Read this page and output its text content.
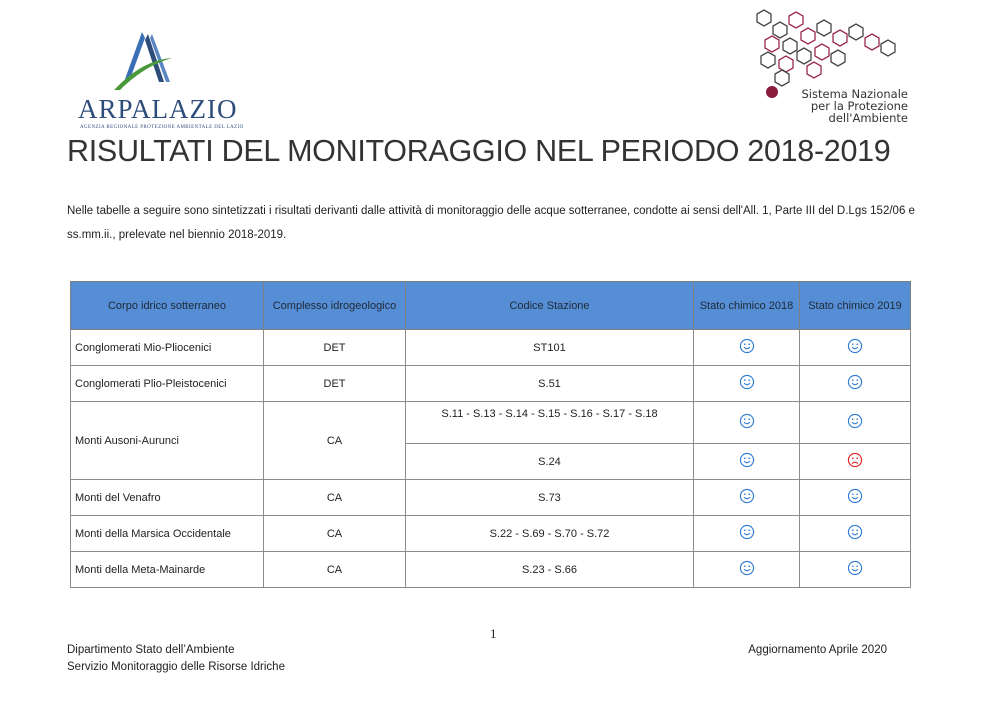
ARPALAZIO
AGENZIA REGIONALE PROTEZIONE AMBIENTALE DEL LAZIO
Sistema Nazionale
per la Protezione
dell'Ambiente
RISULTATI DEL MONITORAGGIO NEL PERIODO 2018-2019

Nelle tabelle a seguire sono sintetizzati i risultati derivanti dalle attività di monitoraggio delle acque sotterranee, condotte ai sensi dell'All. 1, Parte III del D.Lgs 152/06 e ss.mm.ii., prelevate nel biennio 2018-2019.

Corpo idrico sotterraneo	Complesso idrogeologico	Codice Stazione	Stato chimico 2018	Stato chimico 2019
Conglomerati Mio-Pliocenici	DET	ST101		
Conglomerati Plio-Pleistocenici	DET	S.51		
Monti Ausoni-Aurunci	CA	S.11 - S.13 - S.14 - S.15 - S.16 - S.17 - S.18		
		S.24		
Monti del Venafro	CA	S.73		
Monti della Marsica Occidentale	CA	S.22 - S.69 - S.70 - S.72		
Monti della Meta-Mainarde	CA	S.23 - S.66		
1
Dipartimento Stato dell’Ambiente
Servizio Monitoraggio delle Risorse Idriche
Aggiornamento Aprile 2020
